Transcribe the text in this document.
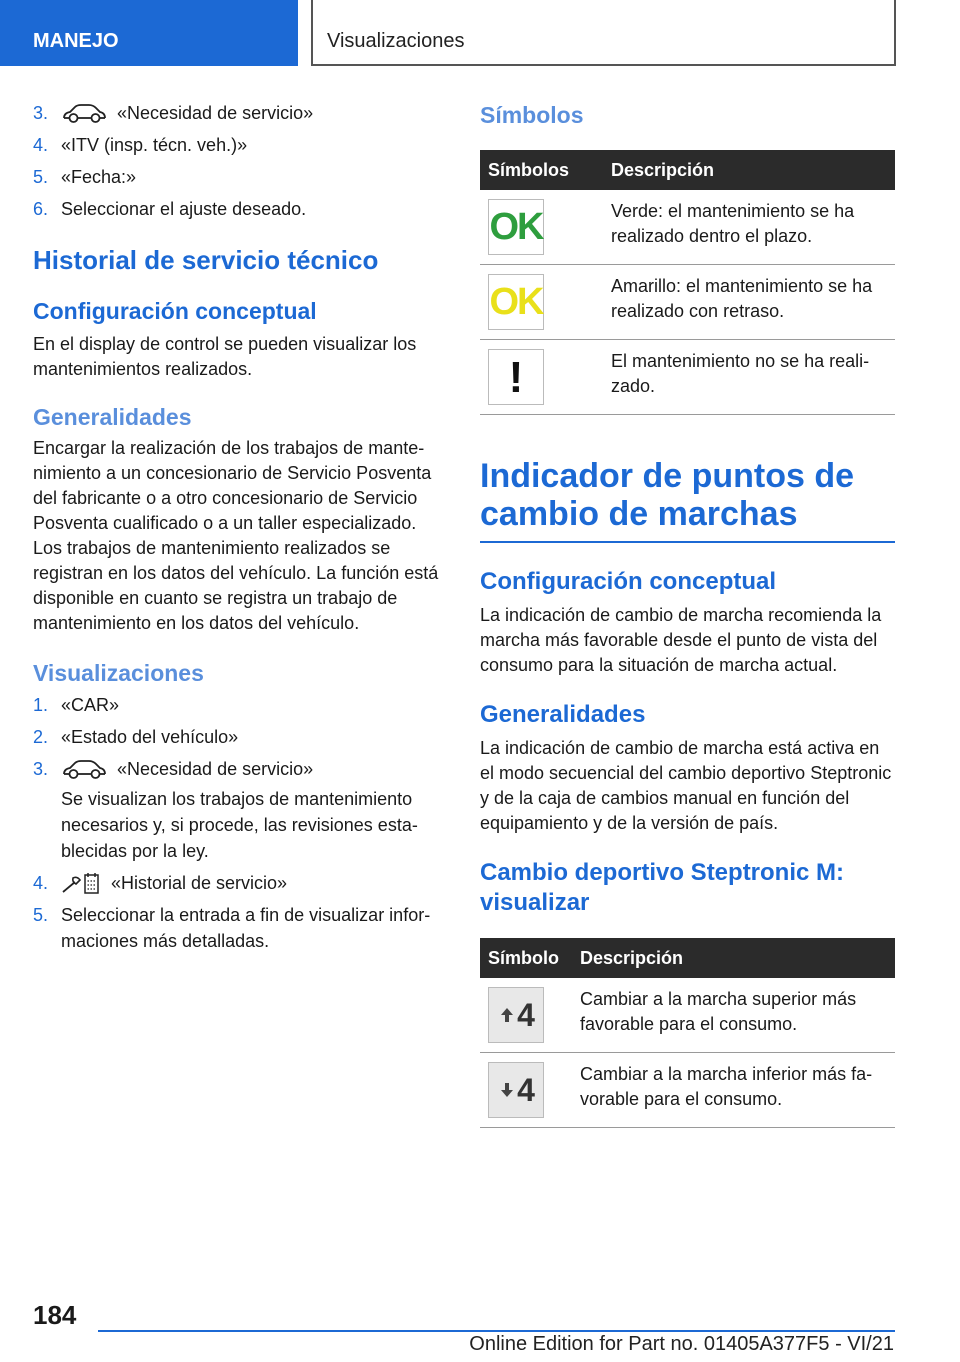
MANEJO	Visualizaciones
3.	«Necesidad de servicio»
4. «ITV (insp. técn. veh.)»
5. «Fecha:»
6. Seleccionar el ajuste deseado.
Historial de servicio técnico
Configuración conceptual
En el display de control se pueden visualizar los mantenimientos realizados.
Generalidades
Encargar la realización de los trabajos de mantenimiento a un concesionario de Servicio Posventa del fabricante o a otro concesionario de Servicio Posventa cualificado o a un taller especializado. Los trabajos de mantenimiento realizados se registran en los datos del vehículo. La función está disponible en cuanto se registra un trabajo de mantenimiento en los datos del vehículo.
Visualizaciones
1. «CAR»
2. «Estado del vehículo»
3.	«Necesidad de servicio»
Se visualizan los trabajos de mantenimiento necesarios y, si procede, las revisiones establecidas por la ley.
4.	«Historial de servicio»
5. Seleccionar la entrada a fin de visualizar informaciones más detalladas.
Símbolos
Símbolos	Descripción

OK	Verde: el mantenimiento se ha realizado dentro el plazo.

OK	Amarillo: el mantenimiento se ha realizado con retraso.

!	El mantenimiento no se ha realizado.
Indicador de puntos de cambio de marchas
Configuración conceptual
La indicación de cambio de marcha recomienda la marcha más favorable desde el punto de vista del consumo para la situación de marcha actual.
Generalidades
La indicación de cambio de marcha está activa en el modo secuencial del cambio deportivo Steptronic y de la caja de cambios manual en función del equipamiento y de la versión de país.
Cambio deportivo Steptronic M: visualizar
Símbolo	Descripción

4	Cambiar a la marcha superior más favorable para el consumo.

4	Cambiar a la marcha inferior más favorable para el consumo.
184
Online Edition for Part no. 01405A377F5 - VI/21
